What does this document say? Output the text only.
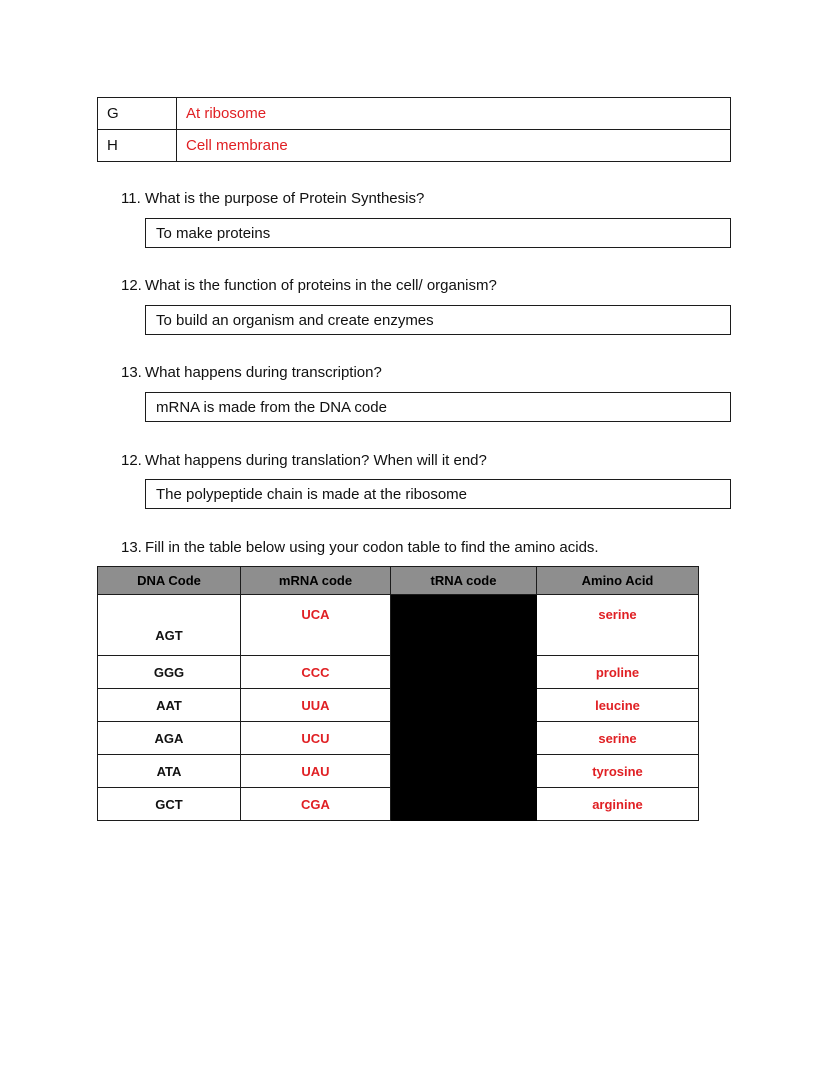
G	At ribosome
H	Cell membrane
11. What is the purpose of Protein Synthesis?
To make proteins
12. What is the function of proteins in the cell/ organism?
To build an organism and create enzymes
13. What happens during transcription?
mRNA is made from the DNA code
12. What happens during translation? When will it end?
The polypeptide chain is made at the ribosome
13. Fill in the table below using your codon table to find the amino acids.
DNA Code	mRNA code	tRNA code	Amino Acid
AGT	UCA		serine
GGG	CCC		proline
AAT	UUA		leucine
AGA	UCU		serine
ATA	UAU		tyrosine
GCT	CGA		arginine
